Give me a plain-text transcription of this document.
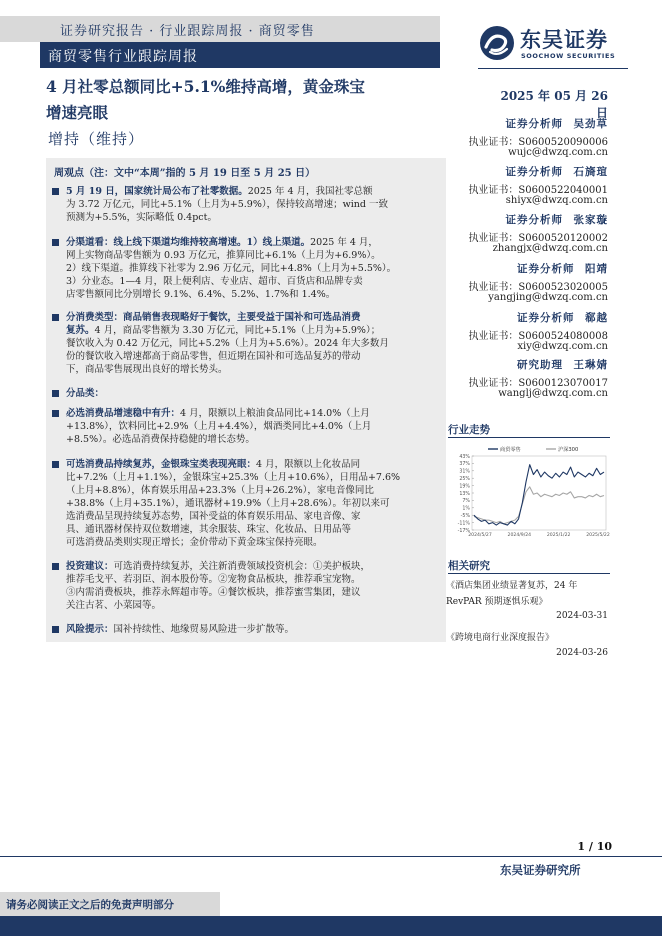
证券研究报告 · 行业跟踪周报 · 商贸零售
商贸零售行业跟踪周报
东吴证券
SOOCHOW SECURITIES
4 月社零总额同比+5.1%维持高增，黄金珠宝
增速亮眼
增持（维持）
2025 年 05 月 26 日
周观点（注：文中“本周”指的 5 月 19 日至 5 月 25 日）
5 月 19 日，国家统计局公布了社零数据。2025 年 4 月，我国社零总额
为 3.72 万亿元，同比+5.1%（上月为+5.9%），保持较高增速；wind 一致
预测为+5.5%，实际略低 0.4pct。
分渠道看：线上线下渠道均维持较高增速。1）线上渠道。2025 年 4 月，
网上实物商品零售额为 0.93 万亿元，推算同比+6.1%（上月为+6.9%）。
2）线下渠道。推算线下社零为 2.96 万亿元，同比+4.8%（上月为+5.5%）。
3）分业态。1—4 月，限上便利店、专业店、超市、百货店和品牌专卖
店零售额同比分别增长 9.1%、6.4%、5.2%、1.7%和 1.4%。
分消费类型：商品销售表现略好于餐饮，主要受益于国补和可选品消费
复苏。4 月，商品零售额为 3.30 万亿元，同比+5.1%（上月为+5.9%）；
餐饮收入为 0.42 万亿元，同比+5.2%（上月为+5.6%）。2024 年大多数月
份的餐饮收入增速都高于商品零售，但近期在国补和可选品复苏的带动
下，商品零售展现出良好的增长势头。
分品类：
必选消费品增速稳中有升：4 月，限额以上粮油食品同比+14.0%（上月
+13.8%），饮料同比+2.9%（上月+4.4%），烟酒类同比+4.0%（上月
+8.5%）。必选品消费保持稳健的增长态势。
可选消费品持续复苏，金银珠宝类表现亮眼：4 月，限额以上化妆品同
比+7.2%（上月+1.1%），金银珠宝+25.3%（上月+10.6%），日用品+7.6%
（上月+8.8%），体育娱乐用品+23.3%（上月+26.2%），家电音像同比
+38.8%（上月+35.1%），通讯器材+19.9%（上月+28.6%）。年初以来可
选消费品呈现持续复苏态势，国补受益的体育娱乐用品、家电音像、家
具、通讯器材保持双位数增速，其余服装、珠宝、化妆品、日用品等
可选消费品类则实现正增长；金价带动下黄金珠宝保持亮眼。
投资建议：可选消费持续复苏，关注新消费领域投资机会：①美护板块，
推荐毛戈平、若羽臣、润本股份等。②宠物食品板块，推荐乖宝宠物。
③内需消费板块，推荐永辉超市等。④餐饮板块，推荐蜜雪集团，建议
关注古茗、小菜园等。
风险提示：国补持续性、地缘贸易风险进一步扩散等。
证券分析师  吴劲草
执业证书：S0600520090006
wujc@dwzq.com.cn
证券分析师  石旖瑄
执业证书：S0600522040001
shiyx@dwzq.com.cn
证券分析师  张家璇
执业证书：S0600520120002
zhangjx@dwzq.com.cn
证券分析师  阳靖
执业证书：S0600523020005
yangjing@dwzq.com.cn
证券分析师  郗越
执业证书：S0600524080008
xiy@dwzq.com.cn
研究助理  王琳婧
执业证书：S0600123070017
wanglj@dwzq.com.cn
行业走势
43%
37%
31%
25%
19%
13%
7%
1%
-5%
-11%
-17%
2024/5/27	2024/9/24	2025/1/22	2025/5/22
商贸零售	沪深300
相关研究
《酒店集团业绩显著复苏，24 年
RevPAR 预期逐惧乐观》
2024-03-31
《跨境电商行业深度报告》
2024-03-26
1 / 10
东吴证券研究所
请务必阅读正文之后的免责声明部分
